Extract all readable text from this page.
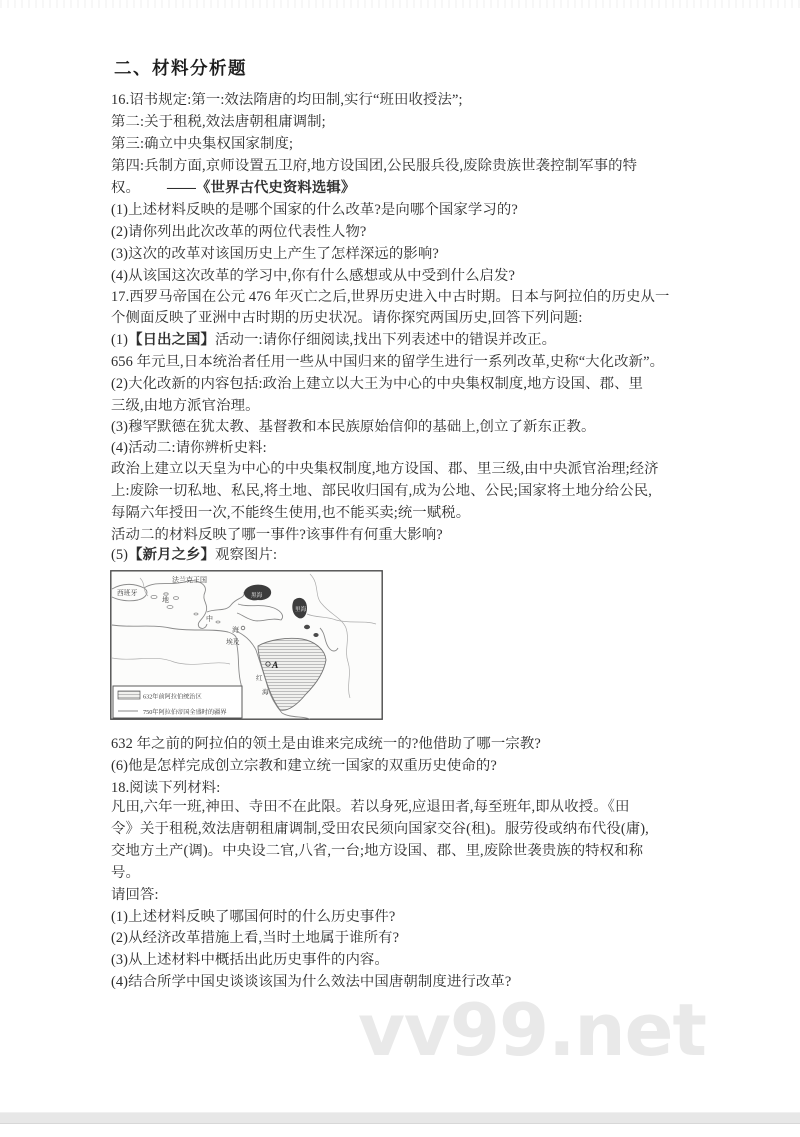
二、材料分析题

16.诏书规定:第一:效法隋唐的均田制,实行“班田收授法”;

第二:关于租税,效法唐朝租庸调制;

第三:确立中央集权国家制度;

第四:兵制方面,京师设置五卫府,地方设国团,公民服兵役,废除贵族世袭控制军事的特

权。 ——《世界古代史资料选辑》

(1)上述材料反映的是哪个国家的什么改革?是向哪个国家学习的?

(2)请你列出此次改革的两位代表性人物?

(3)这次的改革对该国历史上产生了怎样深远的影响?

(4)从该国这次改革的学习中,你有什么感想或从中受到什么启发?

17.西罗马帝国在公元 476 年灭亡之后,世界历史进入中古时期。日本与阿拉伯的历史从一

个侧面反映了亚洲中古时期的历史状况。请你探究两国历史,回答下列问题:

(1)【日出之国】活动一:请你仔细阅读,找出下列表述中的错误并改正。

656 年元旦,日本统治者任用一些从中国归来的留学生进行一系列改革,史称“大化改新”。

(2)大化改新的内容包括:政治上建立以大王为中心的中央集权制度,地方设国、郡、里

三级,由地方派官治理。

(3)穆罕默德在犹太教、基督教和本民族原始信仰的基础上,创立了新东正教。

(4)活动二:请你辨析史料:

政治上建立以天皇为中心的中央集权制度,地方设国、郡、里三级,由中央派官治理;经济

上:废除一切私地、私民,将土地、部民收归国有,成为公地、公民;国家将土地分给公民,

每隔六年授田一次,不能终生使用,也不能买卖;统一赋税。

活动二的材料反映了哪一事件?该事件有何重大影响?

(5)【新月之乡】观察图片:

法兰克王国
西班牙
地
中
海
埃及
黑海
里海
红
海
A
632年前阿拉伯统治区
750年阿拉伯帝国全盛时的疆界

632 年之前的阿拉伯的领土是由谁来完成统一的?他借助了哪一宗教?

(6)他是怎样完成创立宗教和建立统一国家的双重历史使命的?

18.阅读下列材料:

凡田,六年一班,神田、寺田不在此限。若以身死,应退田者,每至班年,即从收授。《田

令》关于租税,效法唐朝租庸调制,受田农民须向国家交谷(租)。服劳役或纳布代役(庸),

交地方土产(调)。中央设二官,八省,一台;地方设国、郡、里,废除世袭贵族的特权和称

号。

请回答:

(1)上述材料反映了哪国何时的什么历史事件?

(2)从经济改革措施上看,当时土地属于谁所有?

(3)从上述材料中概括出此历史事件的内容。

(4)结合所学中国史谈谈该国为什么效法中国唐朝制度进行改革?

vv99.net
